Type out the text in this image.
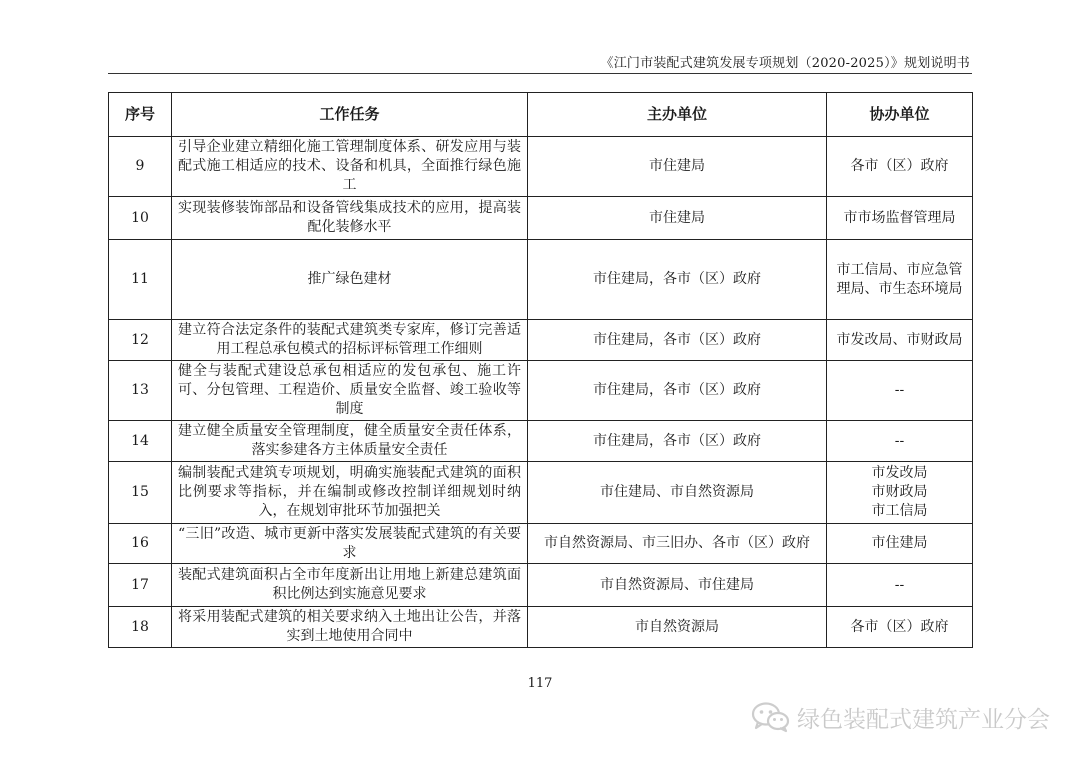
《江门市装配式建筑发展专项规划（2020-2025）》规划说明书
序号	工作任务	主办单位	协办单位
9	引导企业建立精细化施工管理制度体系、研发应用与装配式施工相适应的技术、设备和机具，全面推行绿色施工	市住建局	各市（区）政府

10	实现装修装饰部品和设备管线集成技术的应用，提高装配化装修水平	市住建局	市市场监督管理局

11	推广绿色建材	市住建局，各市（区）政府	市工信局、市应急管理局、市生态环境局

12	建立符合法定条件的装配式建筑类专家库，修订完善适用工程总承包模式的招标评标管理工作细则	市住建局，各市（区）政府	市发改局、市财政局

13	健全与装配式建设总承包相适应的发包承包、施工许可、分包管理、工程造价、质量安全监督、竣工验收等制度	市住建局，各市（区）政府	--

14	建立健全质量安全管理制度，健全质量安全责任体系，落实参建各方主体质量安全责任	市住建局，各市（区）政府	--

15	编制装配式建筑专项规划，明确实施装配式建筑的面积比例要求等指标，并在编制或修改控制详细规划时纳入，在规划审批环节加强把关	市住建局、市自然资源局	市发改局
市财政局
市工信局

16	“三旧”改造、城市更新中落实发展装配式建筑的有关要求	市自然资源局、市三旧办、各市（区）政府	市住建局

17	装配式建筑面积占全市年度新出让用地上新建总建筑面积比例达到实施意见要求	市自然资源局、市住建局	--

18	将采用装配式建筑的相关要求纳入土地出让公告，并落实到土地使用合同中	市自然资源局	各市（区）政府
117
绿色装配式建筑产业分会
